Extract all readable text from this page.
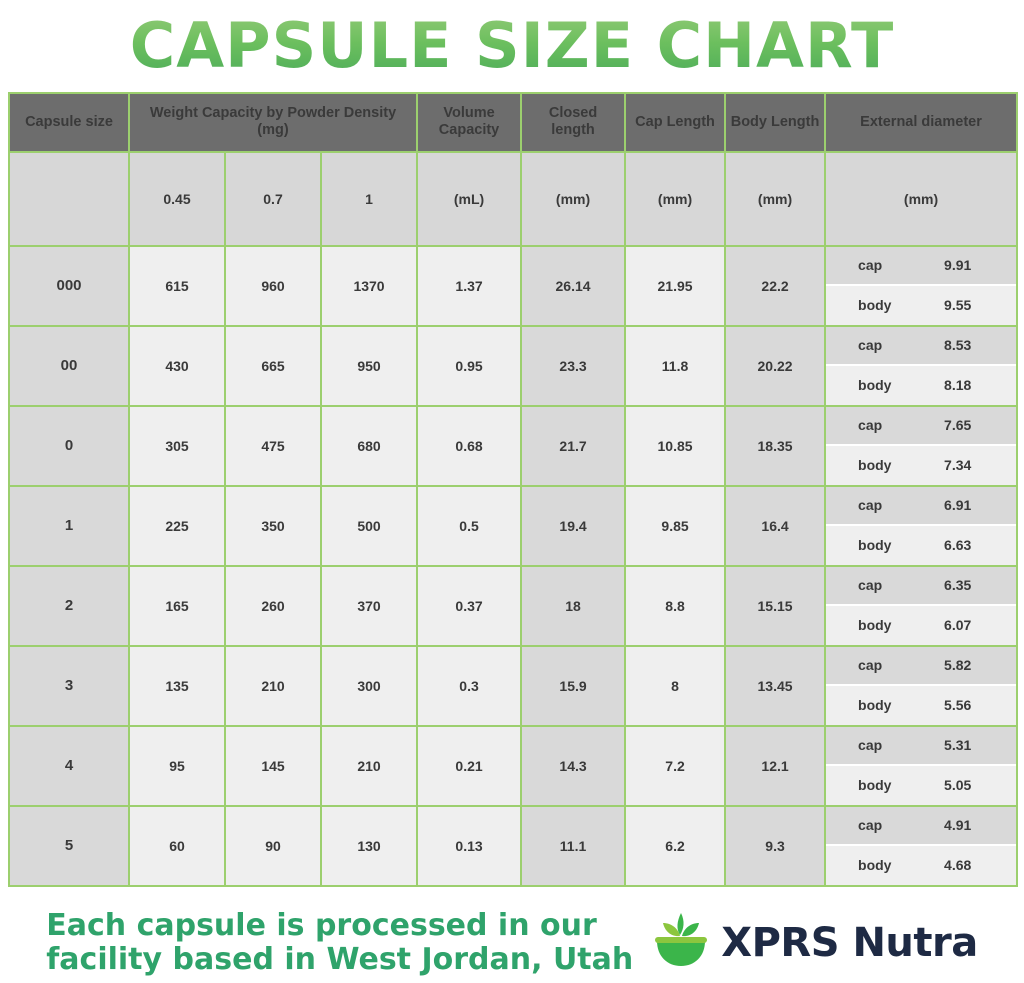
CAPSULE SIZE CHART
Capsule size	Weight Capacity by Powder Density (mg)			Volume Capacity	Closed length	Cap Length	Body Length	External diameter

	0.45	0.7	1	(mL)	(mm)	(mm)	(mm)	(mm)
000	615	960	1370	1.37	26.14	21.95	22.2	cap 9.91
body 9.55

00	430	665	950	0.95	23.3	11.8	20.22	cap 8.53
body 8.18

0	305	475	680	0.68	21.7	10.85	18.35	cap 7.65
body 7.34

1	225	350	500	0.5	19.4	9.85	16.4	cap 6.91
body 6.63

2	165	260	370	0.37	18	8.8	15.15	cap 6.35
body 6.07

3	135	210	300	0.3	15.9	8	13.45	cap 5.82
body 5.56

4	95	145	210	0.21	14.3	7.2	12.1	cap 5.31
body 5.05

5	60	90	130	0.13	11.1	6.2	9.3	cap 4.91
body 4.68
Each capsule is processed in our
facility based in West Jordan, Utah XPRS Nutra
